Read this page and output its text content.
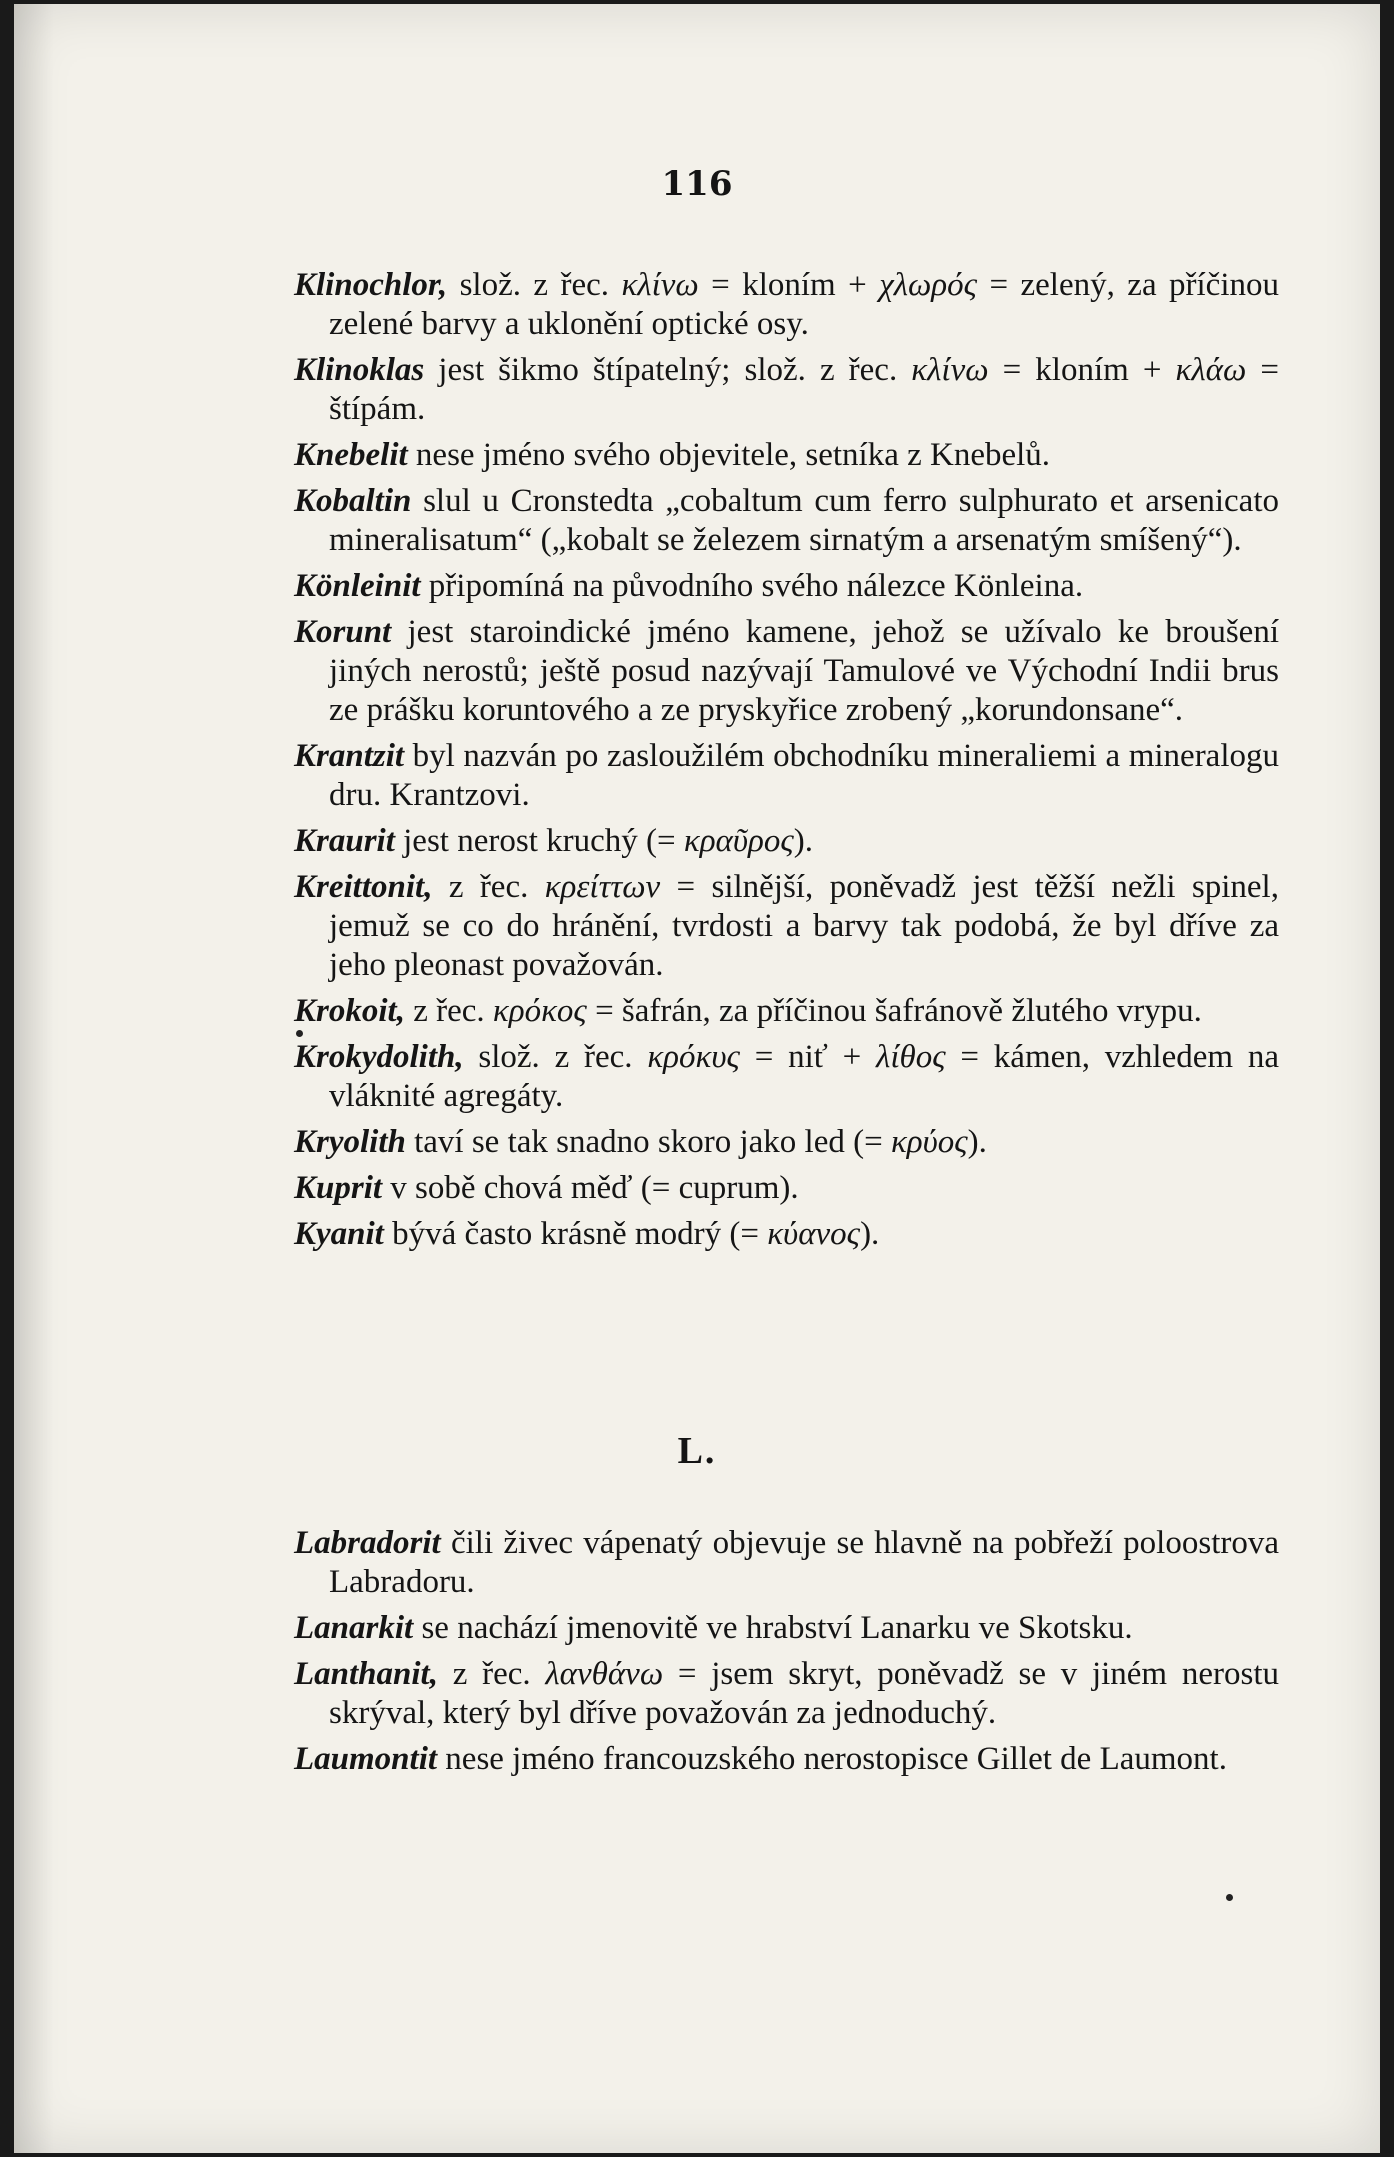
116

Klinochlor, slož. z řec. κλίνω = kloním + χλωρός = zelený, za příčinou zelené barvy a uklonění optické osy.

Klinoklas jest šikmo štípatelný; slož. z řec. κλίνω = kloním + κλάω = štípám.

Knebelit nese jméno svého objevitele, setníka z Knebelů.

Kobaltin slul u Cronstedta „cobaltum cum ferro sulphurato et arsenicato mineralisatum“ („kobalt se železem sirnatým a arsenatým smíšený“).

Könleinit připomíná na původního svého nálezce Könleina.

Korunt jest staroindické jméno kamene, jehož se užívalo ke broušení jiných nerostů; ještě posud nazývají Tamulové ve Východní Indii brus ze prášku koruntového a ze pryskyřice zrobený „korundonsane“.

Krantzit byl nazván po zasloužilém obchodníku mineraliemi a mineralogu dru. Krantzovi.

Kraurit jest nerost kruchý (= κραῦρος).

Kreittonit, z řec. κρείττων = silnější, poněvadž jest těžší nežli spinel, jemuž se co do hránění, tvrdosti a barvy tak podobá, že byl dříve za jeho pleonast považován.

Krokoit, z řec. κρόκος = šafrán, za příčinou šafránově žlutého vrypu.

Krokydolith, slož. z řec. κρόκυς = niť + λίθος = kámen, vzhledem na vláknité agregáty.

Kryolith taví se tak snadno skoro jako led (= κρύος).

Kuprit v sobě chová měď (= cuprum).

Kyanit bývá často krásně modrý (= κύανος).

L.

Labradorit čili živec vápenatý objevuje se hlavně na pobřeží poloostrova Labradoru.

Lanarkit se nachází jmenovitě ve hrabství Lanarku ve Skotsku.

Lanthanit, z řec. λανθάνω = jsem skryt, poněvadž se v jiném nerostu skrýval, který byl dříve považován za jednoduchý.

Laumontit nese jméno francouzského nerostopisce Gillet de Laumont.
